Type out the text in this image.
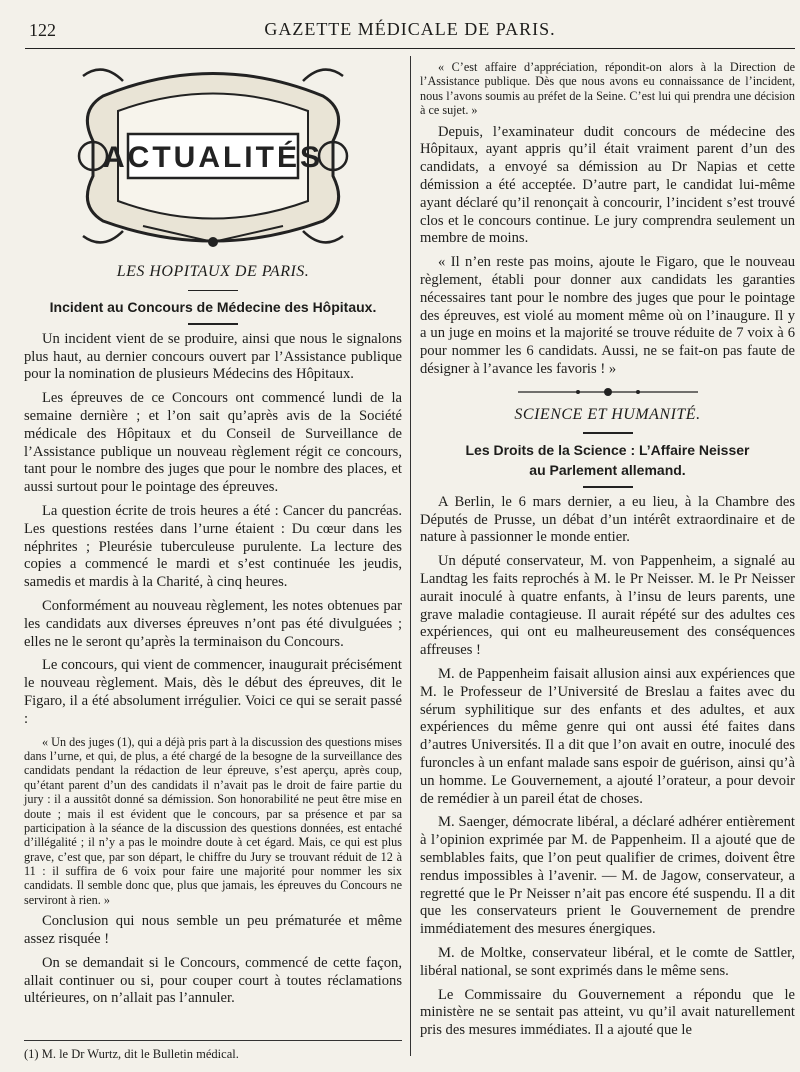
122	GAZETTE MÉDICALE DE PARIS.
ACTUALITÉS
LES HOPITAUX DE PARIS.
Incident au Concours de Médecine des Hôpitaux.

Un incident vient de se produire, ainsi que nous le signalons plus haut, au dernier concours ouvert par l’Assistance publique pour la nomination de plusieurs Médecins des Hôpitaux.

Les épreuves de ce Concours ont commencé lundi de la semaine dernière ; et l’on sait qu’après avis de la Société médicale des Hôpitaux et du Conseil de Surveillance de l’Assistance publique un nouveau règlement régit ce concours, tant pour le nombre des juges que pour le nombre des places, et aussi surtout pour le pointage des épreuves.

La question écrite de trois heures a été : Cancer du pancréas. Les questions restées dans l’urne étaient : Du cœur dans les néphrites ; Pleurésie tuberculeuse purulente. La lecture des copies a commencé le mardi et s’est continuée les jeudis, samedis et mardis à la Charité, à cinq heures.

Conformément au nouveau règlement, les notes obtenues par les candidats aux diverses épreuves n’ont pas été divulguées ; elles ne le seront qu’après la terminaison du Concours.

Le concours, qui vient de commencer, inaugurait précisément le nouveau règlement. Mais, dès le début des épreuves, dit le Figaro, il a été absolument irrégulier. Voici ce qui se serait passé :

« Un des juges (1), qui a déjà pris part à la discussion des questions mises dans l’urne, et qui, de plus, a été chargé de la besogne de la surveillance des candidats pendant la rédaction de leur épreuve, s’est aperçu, après coup, qu’étant parent d’un des candidats il n’avait pas le droit de faire partie du jury : il a aussitôt donné sa démission. Son honorabilité ne peut être mise en doute ; mais il est évident que le concours, par sa présence et par sa participation à la séance de la discussion des questions données, est entaché d’illégalité ; il n’y a pas le moindre doute à cet égard. Mais, ce qui est plus grave, c’est que, par son départ, le chiffre du Jury se trouvant réduit de 12 à 11 : il suffira de 6 voix pour faire une majorité pour nommer les six candidats. Il semble donc que, plus que jamais, les épreuves du Concours ne serviront à rien. »

Conclusion qui nous semble un peu prématurée et même assez risquée !

On se demandait si le Concours, commencé de cette façon, allait continuer ou si, pour couper court à toutes réclamations ultérieures, on n’allait pas l’annuler.

(1) M. le Dr Wurtz, dit le Bulletin médical.

« C’est affaire d’appréciation, répondit-on alors à la Direction de l’Assistance publique. Dès que nous avons eu connaissance de l’incident, nous l’avons soumis au préfet de la Seine. C’est lui qui prendra une décision à ce sujet. »

Depuis, l’examinateur dudit concours de médecine des Hôpitaux, ayant appris qu’il était vraiment parent d’un des candidats, a envoyé sa démission au Dr Napias et cette démission a été acceptée. D’autre part, le candidat lui-même ayant déclaré qu’il renonçait à concourir, l’incident s’est trouvé clos et le concours continue. Le jury comprendra seulement un membre de moins.

« Il n’en reste pas moins, ajoute le Figaro, que le nouveau règlement, établi pour donner aux candidats les garanties nécessaires tant pour le nombre des juges que pour le pointage des épreuves, est violé au moment même où on l’inaugure. Il y a un juge en moins et la majorité se trouve réduite de 7 voix à 6 pour nommer les 6 candidats. Aussi, ne se fait-on pas faute de désigner à l’avance les favoris ! »

SCIENCE ET HUMANITÉ.
Les Droits de la Science : L’Affaire Neisser
au Parlement allemand.

A Berlin, le 6 mars dernier, a eu lieu, à la Chambre des Députés de Prusse, un débat d’un intérêt extraordinaire et de nature à passionner le monde entier.

Un député conservateur, M. von Pappenheim, a signalé au Landtag les faits reprochés à M. le Pr Neisser. M. le Pr Neisser aurait inoculé à quatre enfants, à l’insu de leurs parents, une grave maladie contagieuse. Il aurait répété sur des adultes ces expériences, qui ont eu malheureusement des conséquences affreuses !

M. de Pappenheim faisait allusion ainsi aux expériences que M. le Professeur de l’Université de Breslau a faites avec du sérum syphilitique sur des enfants et des adultes, et aux expériences du même genre qui ont aussi été faites dans d’autres Universités. Il a dit que l’on avait en outre, inoculé des furoncles à un enfant malade sans espoir de guérison, ainsi qu’à un homme. Le Gouvernement, a ajouté l’orateur, a pour devoir de remédier à un pareil état de choses.

M. Saenger, démocrate libéral, a déclaré adhérer entièrement à l’opinion exprimée par M. de Pappenheim. Il a ajouté que de semblables faits, que l’on peut qualifier de crimes, doivent être rendus impossibles à l’avenir. — M. de Jagow, conservateur, a regretté que le Pr Neisser n’ait pas encore été suspendu. Il a dit que les conservateurs prient le Gouvernement de prendre immédiatement des mesures énergiques.

M. de Moltke, conservateur libéral, et le comte de Sattler, libéral national, se sont exprimés dans le même sens.

Le Commissaire du Gouvernement a répondu que le ministère ne se sentait pas atteint, vu qu’il avait naturellement pris des mesures immédiates. Il a ajouté que le
